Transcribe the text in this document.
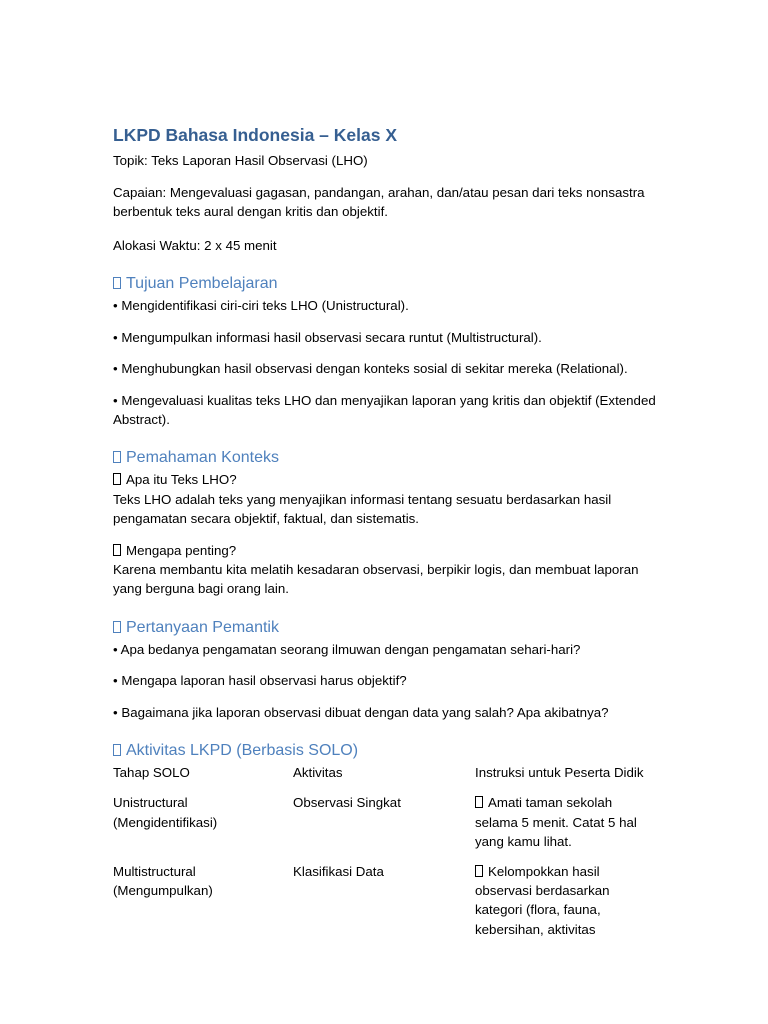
LKPD Bahasa Indonesia – Kelas X

Topik: Teks Laporan Hasil Observasi (LHO)

Capaian: Mengevaluasi gagasan, pandangan, arahan, dan/atau pesan dari teks nonsastra berbentuk teks aural dengan kritis dan objektif.

Alokasi Waktu: 2 x 45 menit

Tujuan Pembelajaran

• Mengidentifikasi ciri-ciri teks LHO (Unistructural).

• Mengumpulkan informasi hasil observasi secara runtut (Multistructural).

• Menghubungkan hasil observasi dengan konteks sosial di sekitar mereka (Relational).

• Mengevaluasi kualitas teks LHO dan menyajikan laporan yang kritis dan objektif (Extended Abstract).

Pemahaman Konteks

Apa itu Teks LHO?

Teks LHO adalah teks yang menyajikan informasi tentang sesuatu berdasarkan hasil pengamatan secara objektif, faktual, dan sistematis.

Mengapa penting?

Karena membantu kita melatih kesadaran observasi, berpikir logis, dan membuat laporan yang berguna bagi orang lain.

Pertanyaan Pemantik

• Apa bedanya pengamatan seorang ilmuwan dengan pengamatan sehari-hari?

• Mengapa laporan hasil observasi harus objektif?

• Bagaimana jika laporan observasi dibuat dengan data yang salah? Apa akibatnya?

Aktivitas LKPD (Berbasis SOLO)
Tahap SOLO	Aktivitas	Instruksi untuk Peserta Didik
Unistructural
(Mengidentifikasi)	Observasi Singkat	Amati taman sekolah selama 5 menit. Catat 5 hal yang kamu lihat.
Multistructural
(Mengumpulkan)	Klasifikasi Data	Kelompokkan hasil observasi berdasarkan kategori (flora, fauna, kebersihan, aktivitas
